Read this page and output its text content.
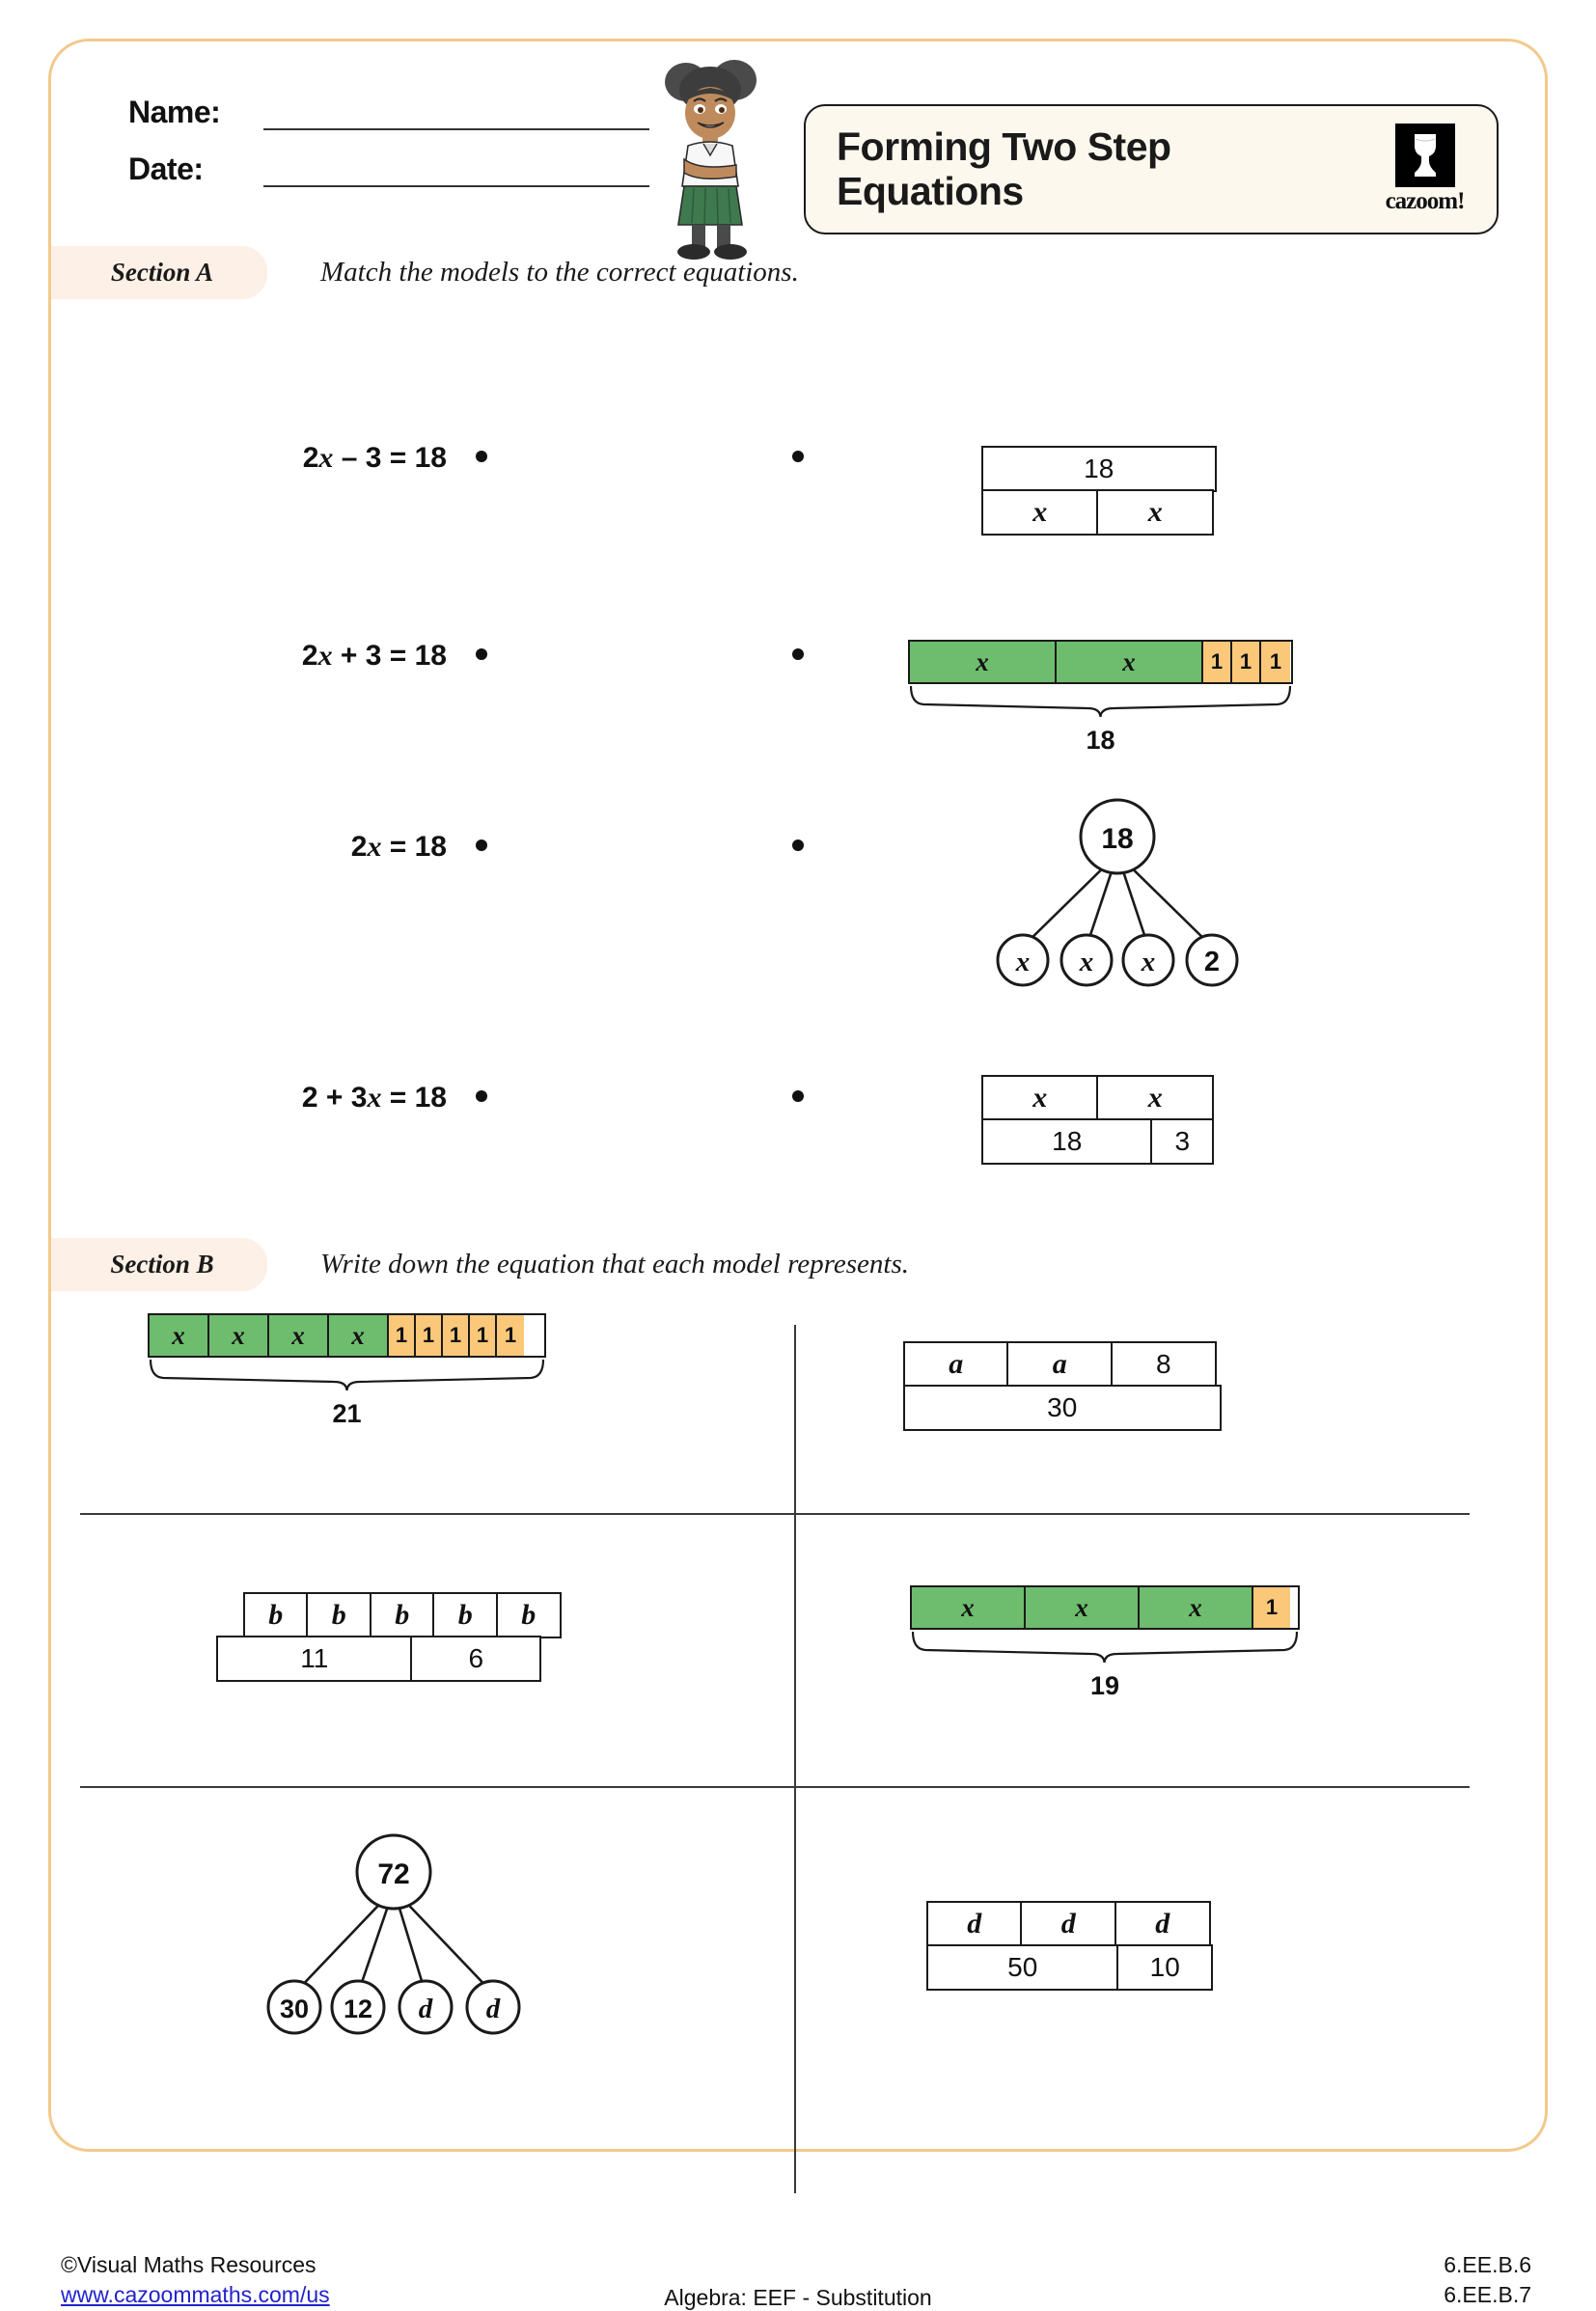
Name:
Date:
Forming Two Step Equations	cazoom!
Section A	Match the models to the correct equations.
2x – 3 = 18
2x + 3 = 18
2x = 18
2 + 3x = 18
18
x	x
x	x	1 1 1
18
18
x x x 2
x	x
18	3
Section B	Write down the equation that each model represents.
x	x	x	x	1 1 1 1 1
21
a	a	8
30
b	b	b	b	b
11	6
x	x	x	1
19
72
30 12 d d
d	d	d
50	10
©Visual Maths Resources
www.cazoommaths.com/us	Algebra: EEF - Substitution
6.EE.B.6
6.EE.B.7
